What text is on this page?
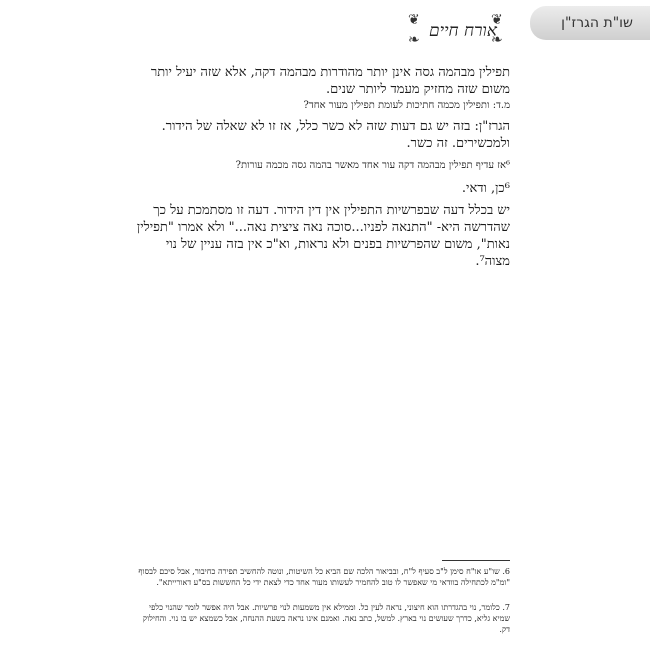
❦	❦
❧	❧
אורח חיים	שו"ת הגרז"ן
תפילין מבהמה גסה אינן יותר מהודרות מבהמה דקה, אלא שזה יעיל יותר משום שזה מחזיק מעמד ליותר שנים.
מ.ד: ותפילין מכמה חתיכות לעומת תפילין מעור אחד?
הגרז"ן: בזה יש גם דעות שזה לא כשר כלל, אז זו לא שאלה של הידור. ולמכשירים. זה כשר.
⁶אז עדיף תפילין מבהמה דקה עור אחד מאשר בהמה גסה מכמה עורות?
⁶כן, ודאי.
יש בכלל דעה שבפרשיות התפילין אין דין הידור. דעה זו מסתמכת על כך שהדרשה היא- "התנאה לפניו...סוכה נאה ציצית נאה..." ולא אמרו "תפילין נאות", משום שהפרשיות בפנים ולא נראות, וא"כ אין בזה עניין של נוי מצוה⁷.
6. שו"ע או"ח סימן ל"ב סעיף ל"ח, ובביאור הלכה שם הביא כל השיטות, ונוטה להחשיב תפירה כחיבור, אבל סיכם לבסוף "ומ"מ לכתחילה בוודאי מי שאפשר לו טוב להחמיר לעשותו מעור אחד כדי לצאת ידי כל החששות בס"ע דאורייתא".
7. כלומר, נוי בהגדרתו הוא חיצוני, נראה לעין כל. וממילא אין משמעות לנוי פרשיות. אבל היה אפשר לומר שהנוי כלפי שמיא גליא, כדרך שעושים נוי בארץ. למשל, כתב נאה. ואמנם אינו נראה בשעת ההנחה, אבל כשמצא יש בו נוי. והחילוק דק.
